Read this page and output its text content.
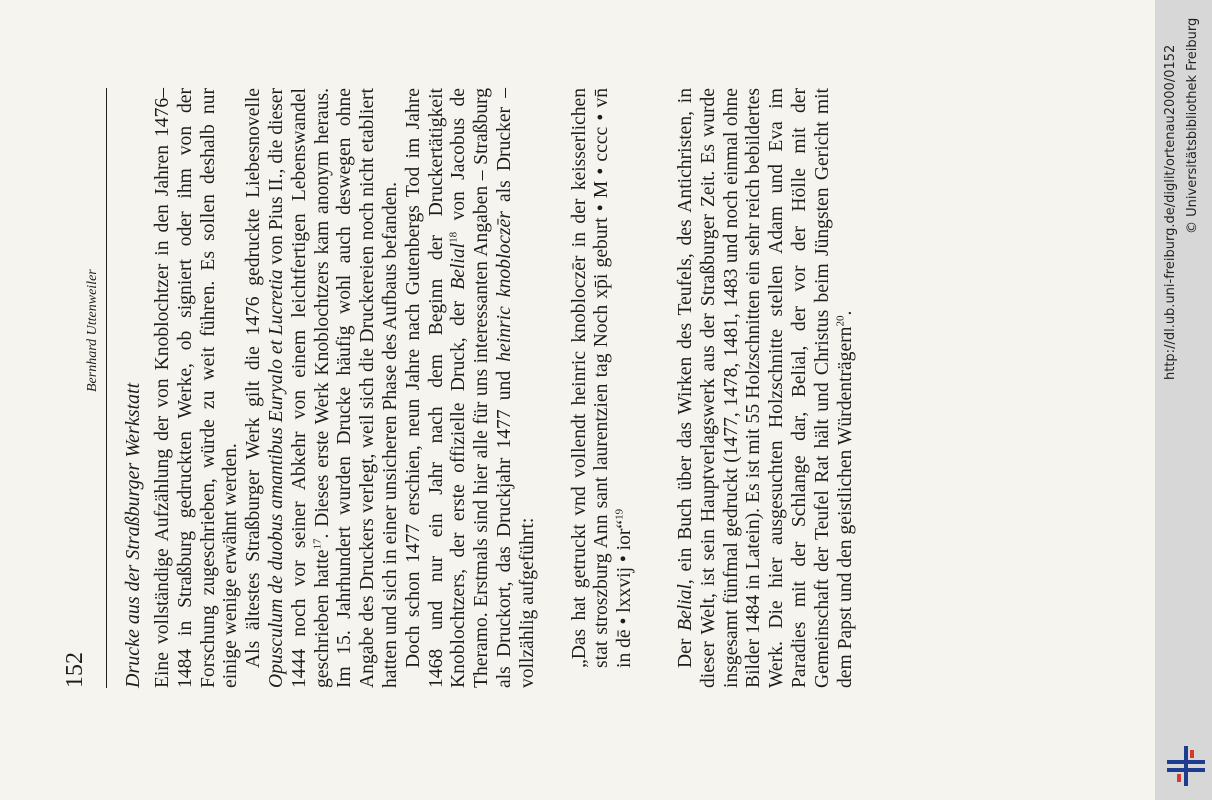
152
Bernhard Uttenweiler
Drucke aus der Straßburger Werkstatt Eine vollständige Aufzählung der von Knoblochtzer in den Jahren 1476–1484 in Straßburg gedruckten Werke, ob signiert oder ihm von der Forschung zugeschrieben, würde zu weit führen. Es sollen deshalb nur einige wenige erwähnt werden. Als ältestes Straßburger Werk gilt die 1476 gedruckte Liebesnovelle Opusculum de duobus amantibus Euryalo et Lucretia von Pius II., die dieser 1444 noch vor seiner Abkehr von einem leichtfertigen Lebenswandel geschrieben hatte$^{17}$. Dieses erste Werk Knoblochtzers kam anonym heraus. Im 15. Jahrhundert wurden Drucke häufig wohl auch deswegen ohne Angabe des Druckers verlegt, weil sich die Druckereien noch nicht etabliert hatten und sich in einer unsicheren Phase des Aufbaus befanden. Doch schon 1477 erschien, neun Jahre nach Gutenbergs Tod im Jahre 1468 und nur ein Jahr nach dem Beginn der Druckertätigkeit Knoblochtzers, der erste offizielle Druck, der Belial$^{18}$ von Jacobus de Theramo. Erstmals sind hier alle für uns interessanten Angaben – Straßburg als Druckort, das Druckjahr 1477 und heinric knobloczēr als Drucker – vollzählig aufgeführt: „Das hat getruckt vnd vollendt heinric knobloczēr in der keisserlichen stat stroszburg Ann sant laurentzien tag Noch xp̄i geburt • M • cccc • vn̄ in dē • lxxvij • ior“$^{19}$

Der Belial, ein Buch über das Wirken des Teufels, des Antichristen, in dieser Welt, ist sein Hauptverlagswerk aus der Straßburger Zeit. Es wurde insgesamt fünfmal gedruckt (1477, 1478, 1481, 1483 und noch einmal ohne Bilder 1484 in Latein). Es ist mit 55 Holzschnitten ein sehr reich bebildertes Werk. Die hier ausgesuchten Holzschnitte stellen Adam und Eva im Paradies mit der Schlange dar, Belial, der vor der Hölle mit der Gemeinschaft der Teufel Rat hält und Christus beim Jüngsten Gericht mit dem Papst und den geistlichen Würdenträgern$^{20}$.	http://dl.ub.uni-freiburg.de/diglit/ortenau2000/0152 © Universitätsbibliothek Freiburg
